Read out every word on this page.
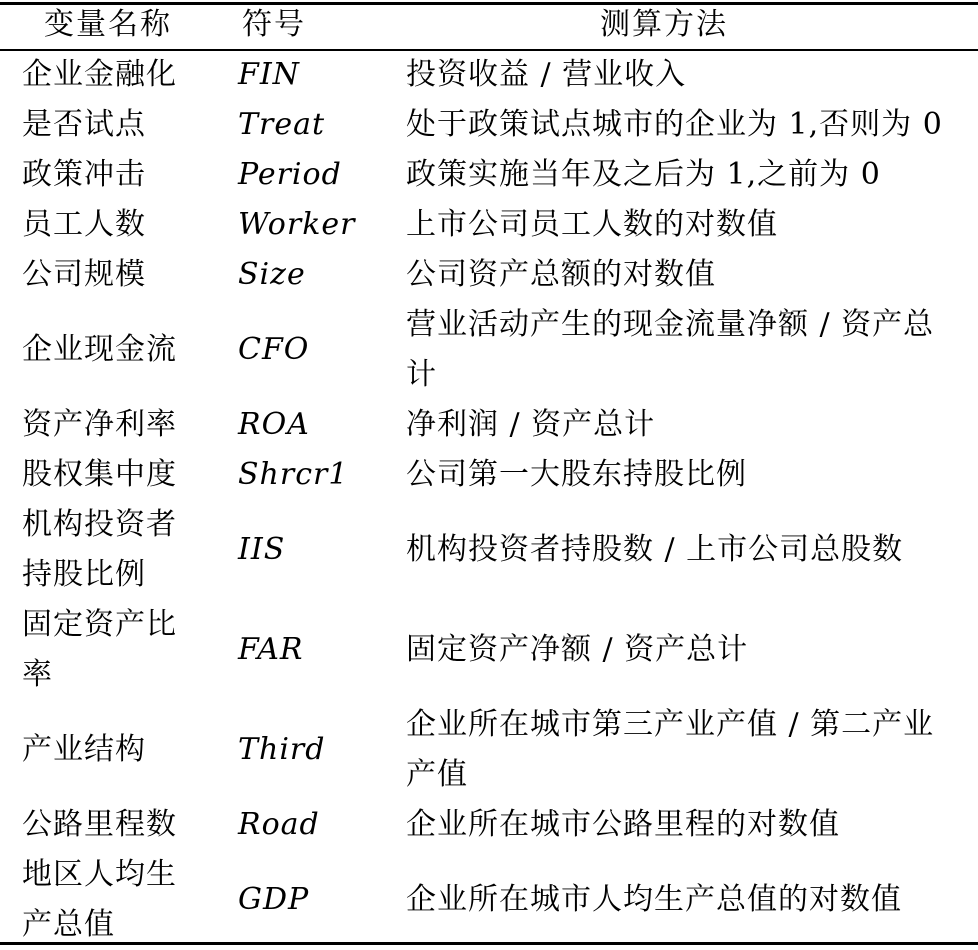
变量名称	符号	测算方法
企业金融化	FIN	投资收益 / 营业收入
是否试点	Treat	处于政策试点城市的企业为 1,否则为 0
政策冲击	Period	政策实施当年及之后为 1,之前为 0
员工人数	Worker	上市公司员工人数的对数值
公司规模	Size	公司资产总额的对数值
企业现金流	CFO	营业活动产生的现金流量净额 / 资产总计
资产净利率	ROA	净利润 / 资产总计
股权集中度	Shrcr1	公司第一大股东持股比例
机构投资者持股比例	IIS	机构投资者持股数 / 上市公司总股数
固定资产比率	FAR	固定资产净额 / 资产总计
产业结构	Third	企业所在城市第三产业产值 / 第二产业产值
公路里程数	Road	企业所在城市公路里程的对数值
地区人均生产总值	GDP	企业所在城市人均生产总值的对数值
